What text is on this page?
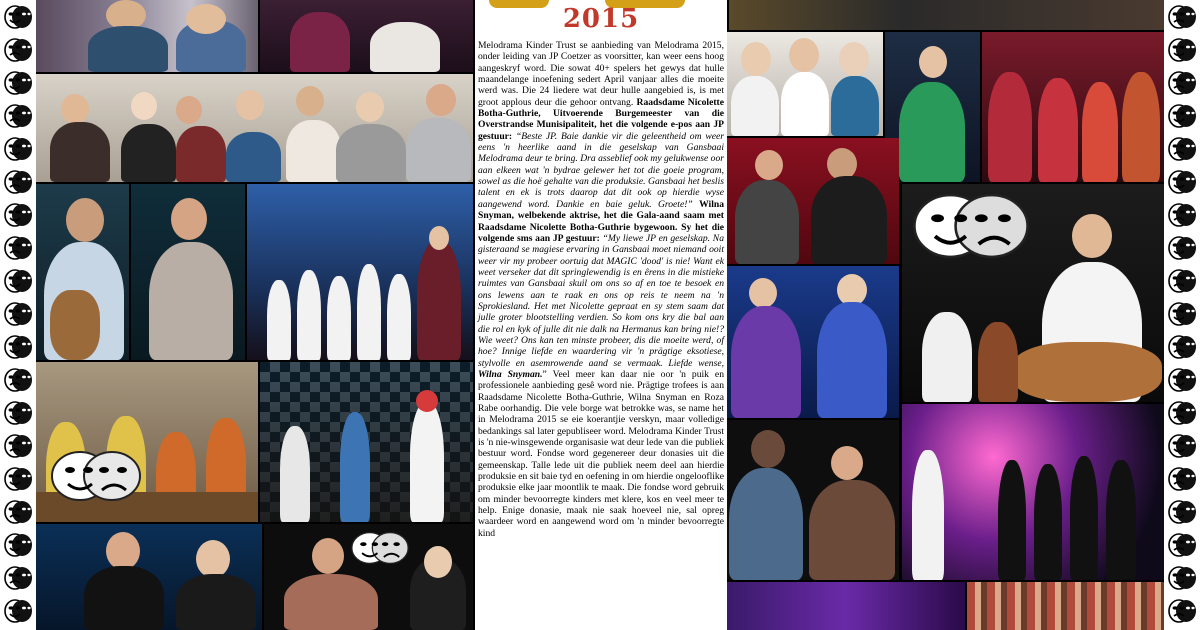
2015
Melodrama Kinder Trust se aanbieding van Melodrama 2015, onder leiding van JP Coetzer as voorsitter, kan weer eens hoog aangeskryf word. Die sowat 40+ spelers het gewys dat hulle maandelange inoefening sedert April vanjaar alles die moeite werd was. Die 24 liedere wat deur hulle aangebied is, is met groot applous deur die gehoor ontvang. Raadsdame Nicolette Botha-Guthrie, Uitvoerende Burgemeester van die Overstrandse Munisipaliteit, het die volgende e-pos aan JP gestuur: “Beste JP. Baie dankie vir die geleentheid om weer eens 'n heerlike aand in die geselskap van Gansbaai Melodrama deur te bring. Dra asseblief ook my gelukwense oor aan elkeen wat 'n bydrae gelewer het tot die goeie program, sowel as die hoë gehalte van die produksie. Gansbaai het beslis talent en ek is trots daarop dat dit ook op hierdie wyse aangewend word. Dankie en baie geluk. Groete!” Wilna Snyman, welbekende aktrise, het die Gala-aand saam met Raadsdame Nicolette Botha-Guthrie bygewoon. Sy het die volgende sms aan JP gestuur: “My liewe JP en geselskap. Na gisteraand se magiese ervaring in Gansbaai moet niemand ooit weer vir my probeer oortuig dat MAGIC 'dood' is nie! Want ek weet verseker dat dit springlewendig is en êrens in die mistieke ruimtes van Gansbaai skuil om ons so af en toe te besoek en ons lewens aan te raak en ons op reis te neem na 'n Sprokiesland. Het met Nicolette gepraat en sy stem saam dat julle groter blootstelling verdien. So kom ons kry die bal aan die rol en kyk of julle dit nie dalk na Hermanus kan bring nie!? Wie weet? Ons kan ten minste probeer, dis die moeite werd, of hoe? Innige liefde en waardering vir 'n prägtige eksotiese, stylvolle en asemrowende aand se vermaak. Liefde wense, Wilna Snyman.” Veel meer kan daar nie oor 'n puik en professionele aanbieding gesê word nie. Prägtige trofees is aan Raadsdame Nicolette Botha-Guthrie, Wilna Snyman en Roza Rabe oorhandig. Die vele borge wat betrokke was, se name het in Melodrama 2015 se eie koerantjie verskyn, maar volledige bedankings sal later gepubliseer word. Melodrama Kinder Trust is 'n nie-winsgewende organisasie wat deur lede van die publiek bestuur word. Fondse word gegenereer deur donasies uit die gemeenskap. Talle lede uit die publiek neem deel aan hierdie produksie en sit baie tyd en oefening in om hierdie ongelooflike produksie elke jaar moontlik te maak. Die fondse word gebruik om minder bevoorregte kinders met klere, kos en veel meer te help. Enige donasie, maak nie saak hoeveel nie, sal opreg waardeer word en aangewend word om 'n minder bevoorregte kind
